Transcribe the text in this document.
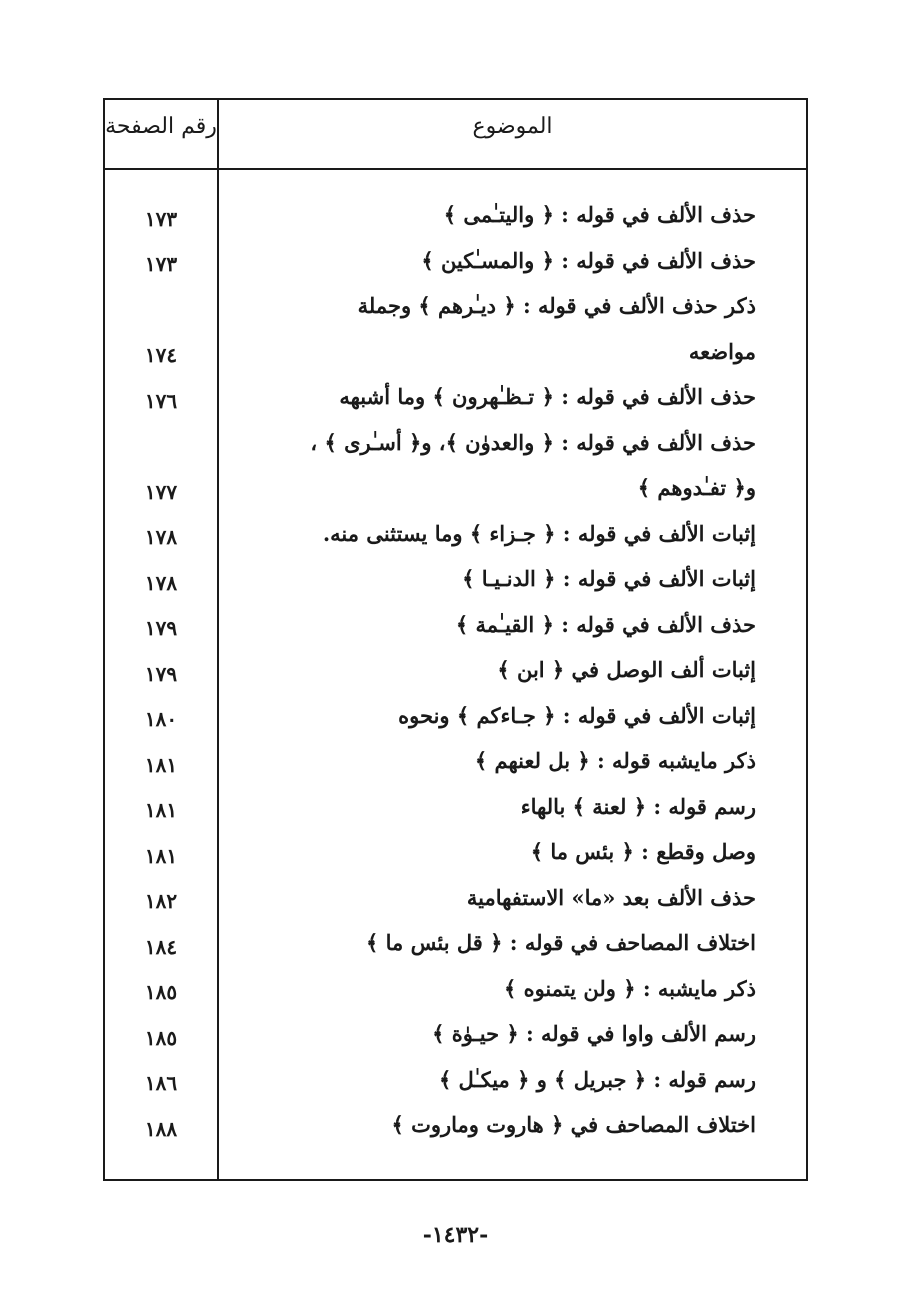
الموضوع
رقم الصفحة
حذف الألف في قوله : ﴿ واليتـٰمى ﴾
١٧٣
حذف الألف في قوله : ﴿ والمسـٰكين ﴾
١٧٣
ذكر حذف الألف في قوله : ﴿ ديـٰرهم ﴾ وجملة
مواضعه
١٧٤
حذف الألف في قوله : ﴿ تـظـٰهرون ﴾ وما أشبهه
١٧٦
حذف الألف في قوله : ﴿ والعدوٰن ﴾، و﴿ أسـٰرى ﴾ ،
و﴿ تفـٰدوهم ﴾
١٧٧
إثبات الألف في قوله : ﴿ جـزاء ﴾ وما يستثنى منه.
١٧٨
إثبات الألف في قوله : ﴿ الدنـيـا ﴾
١٧٨
حذف الألف في قوله : ﴿ القيـٰمة ﴾
١٧٩
إثبات ألف الوصل في ﴿ ابن ﴾
١٧٩
إثبات الألف في قوله : ﴿ جـاءكم ﴾ ونحوه
١٨٠
ذكر مايشبه قوله : ﴿ بل لعنهم ﴾
١٨١
رسم قوله : ﴿ لعنة ﴾ بالهاء
١٨١
وصل وقطع : ﴿ بئس ما ﴾
١٨١
حذف الألف بعد «ما» الاستفهامية
١٨٢
اختلاف المصاحف في قوله : ﴿ قل بئس ما ﴾
١٨٤
ذكر مايشبه : ﴿ ولن يتمنوه ﴾
١٨٥
رسم الألف واوا في قوله : ﴿ حيـوٰة ﴾
١٨٥
رسم قوله : ﴿ جبريل ﴾ و ﴿ ميكـٰل ﴾
١٨٦
اختلاف المصاحف في ﴿ هاروت وماروت ﴾
١٨٨
-١٤٣٢-
